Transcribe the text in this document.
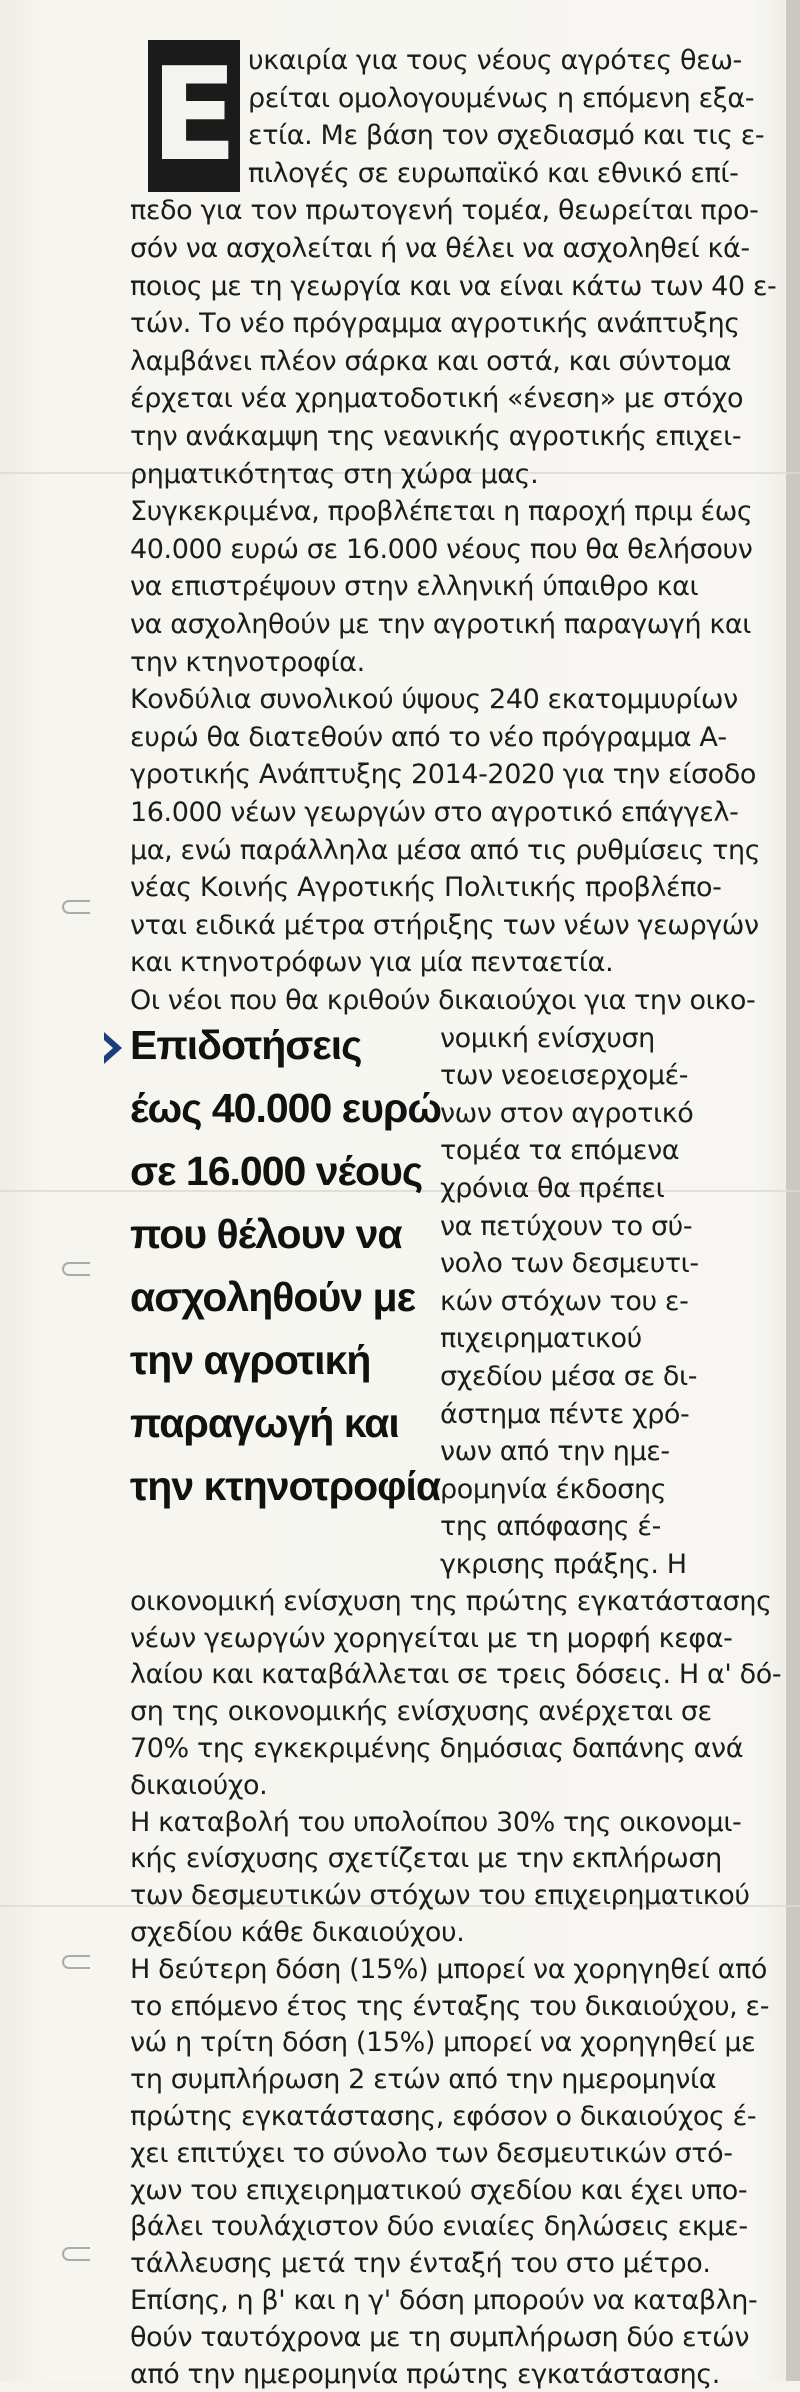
Ε υκαιρία για τους νέους αγρότες θεω-
ρείται ομολογουμένως η επόμενη εξα-
ετία. Με βάση τον σχεδιασμό και τις ε-
πιλογές σε ευρωπαϊκό και εθνικό επί-
πεδο για τον πρωτογενή τομέα, θεωρείται προ-
σόν να ασχολείται ή να θέλει να ασχοληθεί κά-
ποιος με τη γεωργία και να είναι κάτω των 40 ε-
τών. Το νέο πρόγραμμα αγροτικής ανάπτυξης
λαμβάνει πλέον σάρκα και οστά, και σύντομα
έρχεται νέα χρηματοδοτική «ένεση» με στόχο
την ανάκαμψη της νεανικής αγροτικής επιχει-
ρηματικότητας στη χώρα μας.
Συγκεκριμένα, προβλέπεται η παροχή πριμ έως
40.000 ευρώ σε 16.000 νέους που θα θελήσουν
να επιστρέψουν στην ελληνική ύπαιθρο και
να ασχοληθούν με την αγροτική παραγωγή και
την κτηνοτροφία.
Κονδύλια συνολικού ύψους 240 εκατομμυρίων
ευρώ θα διατεθούν από το νέο πρόγραμμα Α-
γροτικής Ανάπτυξης 2014-2020 για την είσοδο
16.000 νέων γεωργών στο αγροτικό επάγγελ-
μα, ενώ παράλληλα μέσα από τις ρυθμίσεις της
νέας Κοινής Αγροτικής Πολιτικής προβλέπο-
νται ειδικά μέτρα στήριξης των νέων γεωργών
και κτηνοτρόφων για μία πενταετία.
Οι νέοι που θα κριθούν δικαιούχοι για την οικο-
νομική ενίσχυση
των νεοεισερχομέ-
νων στον αγροτικό
τομέα τα επόμενα
χρόνια θα πρέπει
να πετύχουν το σύ-
νολο των δεσμευτι-
κών στόχων του ε-
πιχειρηματικού
σχεδίου μέσα σε δι-
άστημα πέντε χρό-
νων από την ημε-
ρομηνία έκδοσης
της απόφασης έ-
γκρισης πράξης. Η
οικονομική ενίσχυση της πρώτης εγκατάστασης
νέων γεωργών χορηγείται με τη μορφή κεφα-
λαίου και καταβάλλεται σε τρεις δόσεις. Η α' δό-
ση της οικονομικής ενίσχυσης ανέρχεται σε
70% της εγκεκριμένης δημόσιας δαπάνης ανά
δικαιούχο.
Η καταβολή του υπολοίπου 30% της οικονομι-
κής ενίσχυσης σχετίζεται με την εκπλήρωση
των δεσμευτικών στόχων του επιχειρηματικού
σχεδίου κάθε δικαιούχου.
Η δεύτερη δόση (15%) μπορεί να χορηγηθεί από
το επόμενο έτος της ένταξης του δικαιούχου, ε-
νώ η τρίτη δόση (15%) μπορεί να χορηγηθεί με
τη συμπλήρωση 2 ετών από την ημερομηνία
πρώτης εγκατάστασης, εφόσον ο δικαιούχος έ-
χει επιτύχει το σύνολο των δεσμευτικών στό-
χων του επιχειρηματικού σχεδίου και έχει υπο-
βάλει τουλάχιστον δύο ενιαίες δηλώσεις εκμε-
τάλλευσης μετά την ένταξή του στο μέτρο.
Επίσης, η β' και η γ' δόση μπορούν να καταβλη-
θούν ταυτόχρονα με τη συμπλήρωση δύο ετών
από την ημερομηνία πρώτης εγκατάστασης.
Επιδοτήσεις
έως 40.000 ευρώ
σε 16.000 νέους
που θέλουν να
ασχοληθούν με
την αγροτική
παραγωγή και
την κτηνοτροφία
